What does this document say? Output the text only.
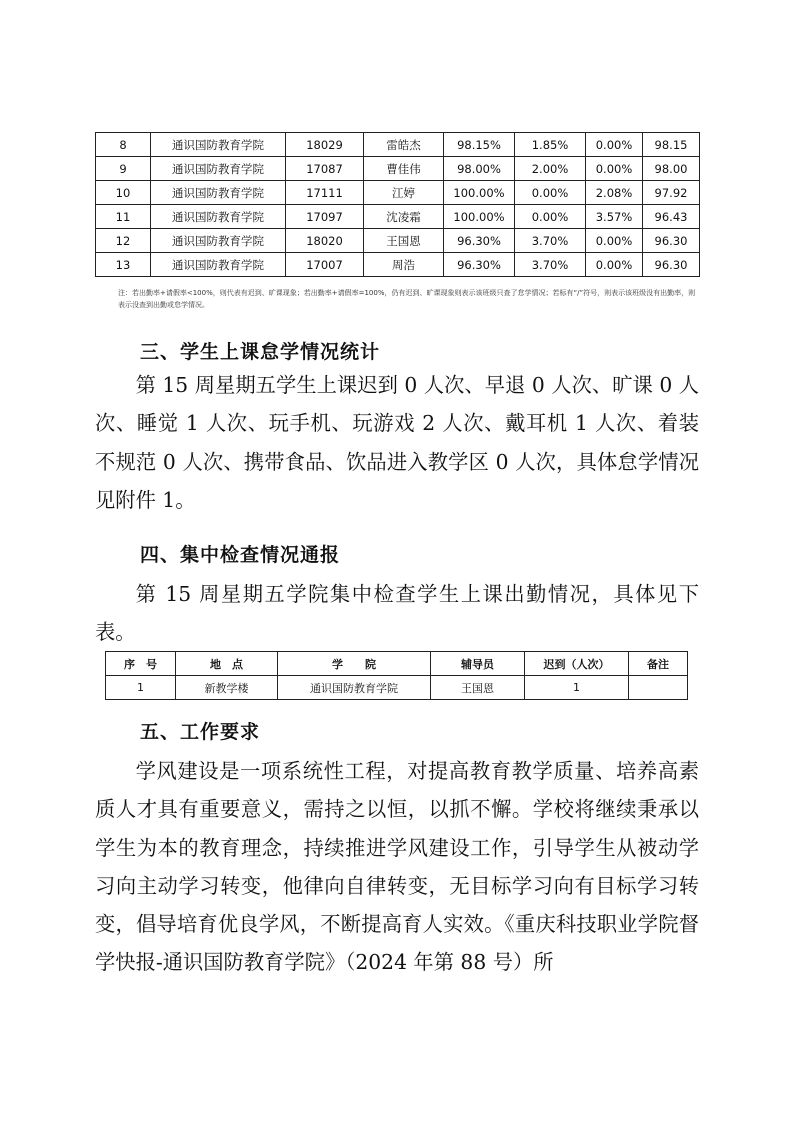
8	通识国防教育学院	18029	雷皓杰	98.15%	1.85%	0.00%	98.15
9	通识国防教育学院	17087	曹佳伟	98.00%	2.00%	0.00%	98.00
10	通识国防教育学院	17111	江婷	100.00%	0.00%	2.08%	97.92
11	通识国防教育学院	17097	沈凌霜	100.00%	0.00%	3.57%	96.43
12	通识国防教育学院	18020	王国恩	96.30%	3.70%	0.00%	96.30
13	通识国防教育学院	17007	周浩	96.30%	3.70%	0.00%	96.30
注：若出勤率+请假率<100%，则代表有迟到、旷课现象；若出勤率+请假率=100%，仍有迟到、旷课现象则表示该班级只查了怠学情况；若标有“/”符号，则表示该班级没有出勤率，则表示没查到出勤或怠学情况。
三、学生上课怠学情况统计
第 15 周星期五学生上课迟到 0 人次、早退 0 人次、旷课 0 人次、睡觉 1 人次、玩手机、玩游戏 2 人次、戴耳机 1 人次、着装不规范 0 人次、携带食品、饮品进入教学区 0 人次，具体怠学情况见附件 1。
四、集中检查情况通报
第 15 周星期五学院集中检查学生上课出勤情况，具体见下表。
序　号	地　点	学　　院	辅导员	迟到（人次）	备注
1	新教学楼	通识国防教育学院	王国恩	1	
五、工作要求
学风建设是一项系统性工程，对提高教育教学质量、培养高素质人才具有重要意义，需持之以恒，以抓不懈。学校将继续秉承以学生为本的教育理念，持续推进学风建设工作，引导学生从被动学习向主动学习转变，他律向自律转变，无目标学习向有目标学习转变，倡导培育优良学风，不断提高育人实效。《重庆科技职业学院督学快报-通识国防教育学院》（2024 年第 88 号）所
